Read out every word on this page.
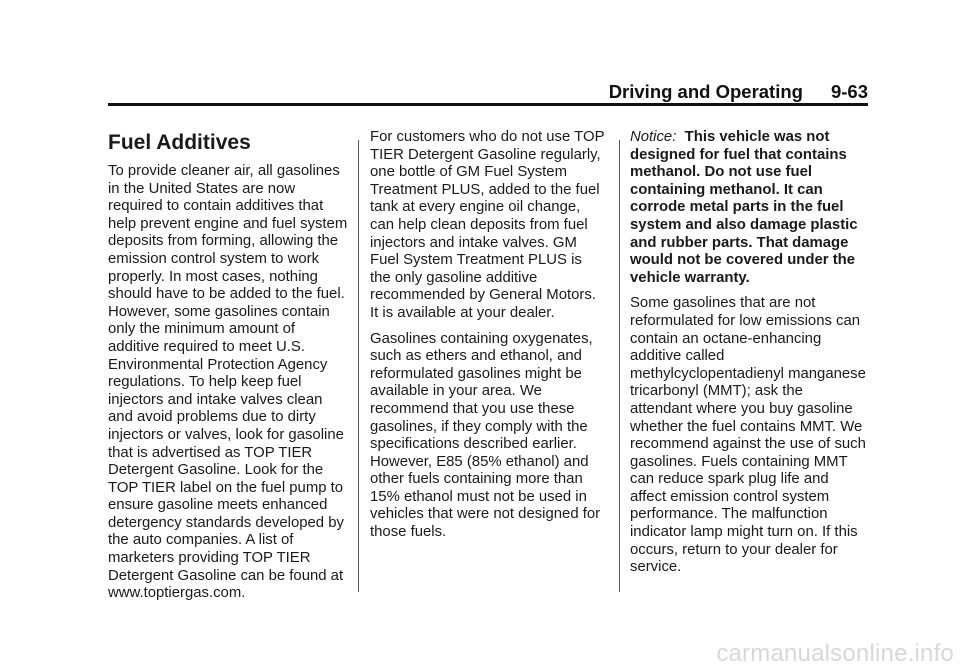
Driving and Operating 9-63
Fuel Additives

To provide cleaner air, all gasolines in the United States are now required to contain additives that help prevent engine and fuel system deposits from forming, allowing the emission control system to work properly. In most cases, nothing should have to be added to the fuel. However, some gasolines contain only the minimum amount of additive required to meet U.S. Environmental Protection Agency regulations. To help keep fuel injectors and intake valves clean and avoid problems due to dirty injectors or valves, look for gasoline that is advertised as TOP TIER Detergent Gasoline. Look for the TOP TIER label on the fuel pump to ensure gasoline meets enhanced detergency standards developed by the auto companies. A list of marketers providing TOP TIER Detergent Gasoline can be found at www.toptiergas.com.

For customers who do not use TOP TIER Detergent Gasoline regularly, one bottle of GM Fuel System Treatment PLUS, added to the fuel tank at every engine oil change, can help clean deposits from fuel injectors and intake valves. GM Fuel System Treatment PLUS is the only gasoline additive recommended by General Motors. It is available at your dealer.

Gasolines containing oxygenates, such as ethers and ethanol, and reformulated gasolines might be available in your area. We recommend that you use these gasolines, if they comply with the specifications described earlier. However, E85 (85% ethanol) and other fuels containing more than 15% ethanol must not be used in vehicles that were not designed for those fuels.

Notice: This vehicle was not designed for fuel that contains methanol. Do not use fuel containing methanol. It can corrode metal parts in the fuel system and also damage plastic and rubber parts. That damage would not be covered under the vehicle warranty.

Some gasolines that are not reformulated for low emissions can contain an octane-enhancing additive called methylcyclopentadienyl manganese tricarbonyl (MMT); ask the attendant where you buy gasoline whether the fuel contains MMT. We recommend against the use of such gasolines. Fuels containing MMT can reduce spark plug life and affect emission control system performance. The malfunction indicator lamp might turn on. If this occurs, return to your dealer for service.

carmanualsonline.info
